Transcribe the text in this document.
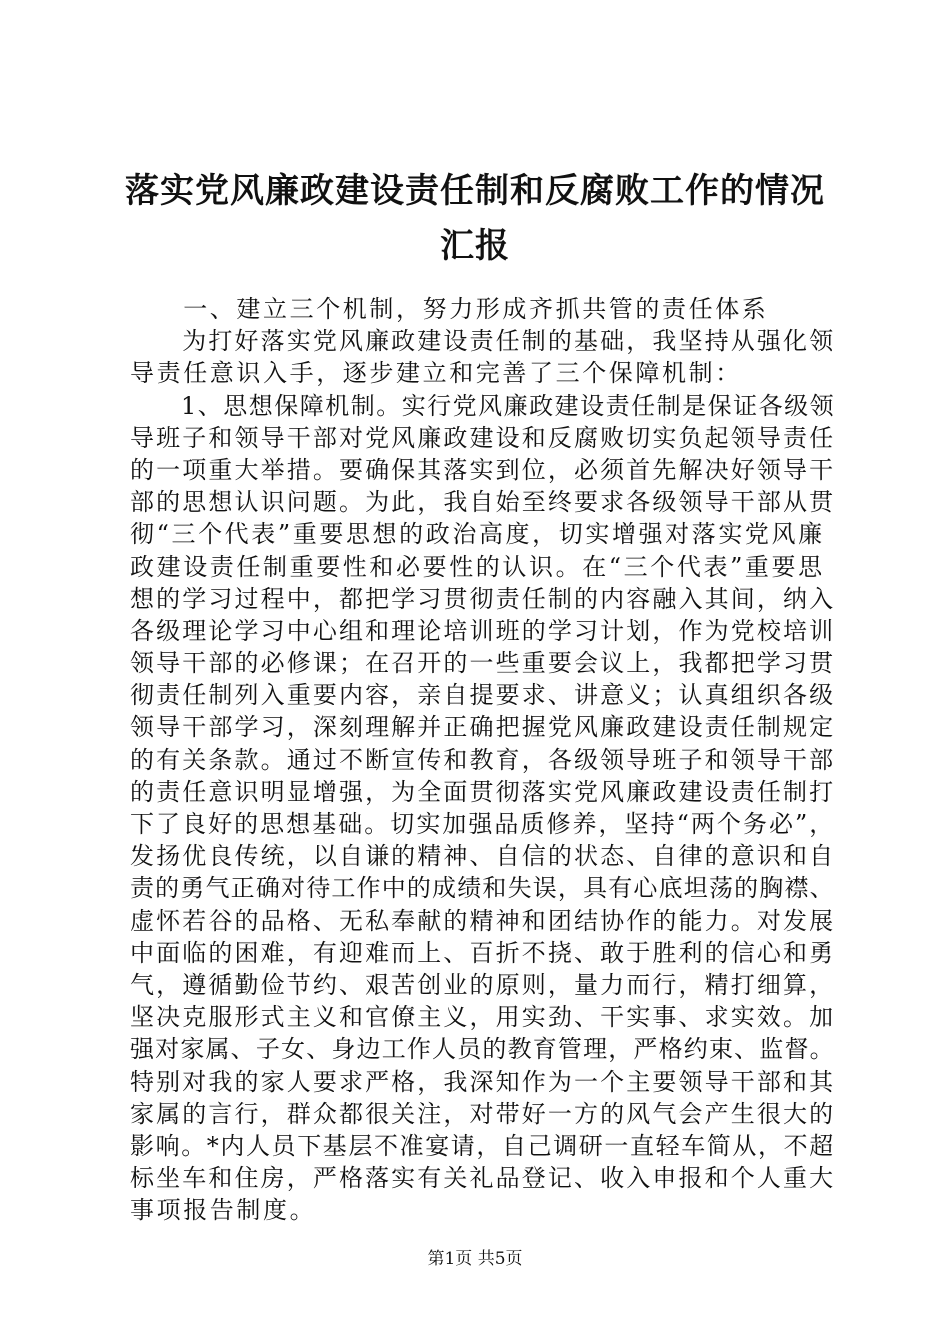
落实党风廉政建设责任制和反腐败工作的情况
汇报
　　一、建立三个机制，努力形成齐抓共管的责任体系
　　为打好落实党风廉政建设责任制的基础，我坚持从强化领
导责任意识入手，逐步建立和完善了三个保障机制：
　　1、思想保障机制。实行党风廉政建设责任制是保证各级领
导班子和领导干部对党风廉政建设和反腐败切实负起领导责任
的一项重大举措。要确保其落实到位，必须首先解决好领导干
部的思想认识问题。为此，我自始至终要求各级领导干部从贯
彻“三个代表”重要思想的政治高度，切实增强对落实党风廉
政建设责任制重要性和必要性的认识。在“三个代表”重要思
想的学习过程中，都把学习贯彻责任制的内容融入其间，纳入
各级理论学习中心组和理论培训班的学习计划，作为党校培训
领导干部的必修课；在召开的一些重要会议上，我都把学习贯
彻责任制列入重要内容，亲自提要求、讲意义；认真组织各级
领导干部学习，深刻理解并正确把握党风廉政建设责任制规定
的有关条款。通过不断宣传和教育，各级领导班子和领导干部
的责任意识明显增强，为全面贯彻落实党风廉政建设责任制打
下了良好的思想基础。切实加强品质修养，坚持“两个务必”，
发扬优良传统，以自谦的精神、自信的状态、自律的意识和自
责的勇气正确对待工作中的成绩和失误，具有心底坦荡的胸襟、
虚怀若谷的品格、无私奉献的精神和团结协作的能力。对发展
中面临的困难，有迎难而上、百折不挠、敢于胜利的信心和勇
气，遵循勤俭节约、艰苦创业的原则，量力而行，精打细算，
坚决克服形式主义和官僚主义，用实劲、干实事、求实效。加
强对家属、子女、身边工作人员的教育管理，严格约束、监督。
特别对我的家人要求严格，我深知作为一个主要领导干部和其
家属的言行，群众都很关注，对带好一方的风气会产生很大的
影响。*内人员下基层不准宴请，自己调研一直轻车简从，不超
标坐车和住房，严格落实有关礼品登记、收入申报和个人重大
事项报告制度。
第1页 共5页
